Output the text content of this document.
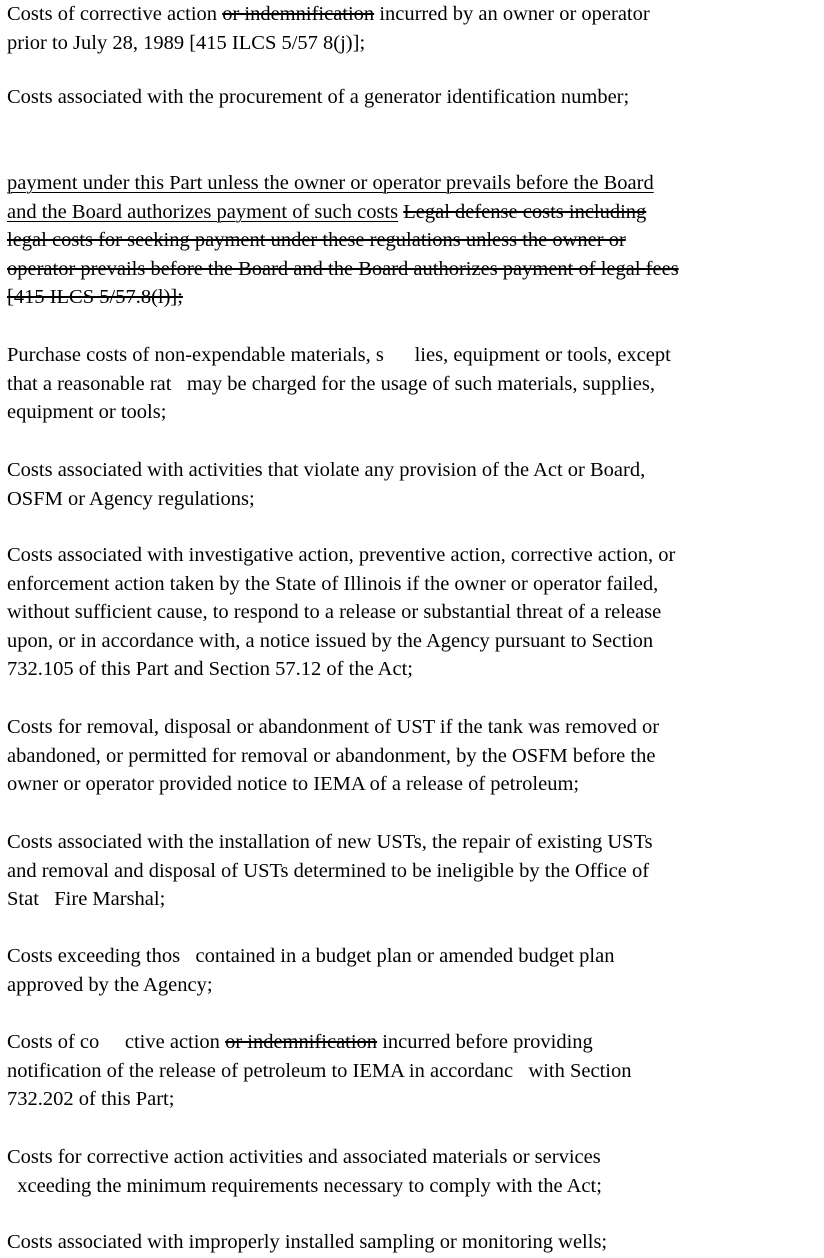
Costs of corrective action or indemnification incurred by an owner or operator
prior to July 28, 1989 [415 ILCS 5/57 8(j)];
Costs associated with the procurement of a generator identification number;
payment under this Part unless the owner or operator prevails before the Board
and the Board authorizes payment of such costs Legal defense costs including
legal costs for seeking payment under these regulations unless the owner or
operator prevails before the Board and the Board authorizes payment of legal fees
[415 ILCS 5/57.8(l)];
Purchase costs of non-expendable materials, s      lies, equipment or tools, except
that a reasonable rat   may be charged for the usage of such materials, supplies,
equipment or tools;
Costs associated with activities that violate any provision of the Act or Board,
OSFM or Agency regulations;
Costs associated with investigative action, preventive action, corrective action, or
enforcement action taken by the State of Illinois if the owner or operator failed,
without sufficient cause, to respond to a release or substantial threat of a release
upon, or in accordance with, a notice issued by the Agency pursuant to Section
732.105 of this Part and Section 57.12 of the Act;
Costs for removal, disposal or abandonment of UST if the tank was removed or
abandoned, or permitted for removal or abandonment, by the OSFM before the
owner or operator provided notice to IEMA of a release of petroleum;
Costs associated with the installation of new USTs, the repair of existing USTs
and removal and disposal of USTs determined to be ineligible by the Office of
Stat   Fire Marshal;
Costs exceeding thos   contained in a budget plan or amended budget plan
approved by the Agency;
Costs of co     ctive action or indemnification incurred before providing
notification of the release of petroleum to IEMA in accordanc   with Section
732.202 of this Part;
Costs for corrective action activities and associated materials or services
xceeding the minimum requirements necessary to comply with the Act;
Costs associated with improperly installed sampling or monitoring wells;
